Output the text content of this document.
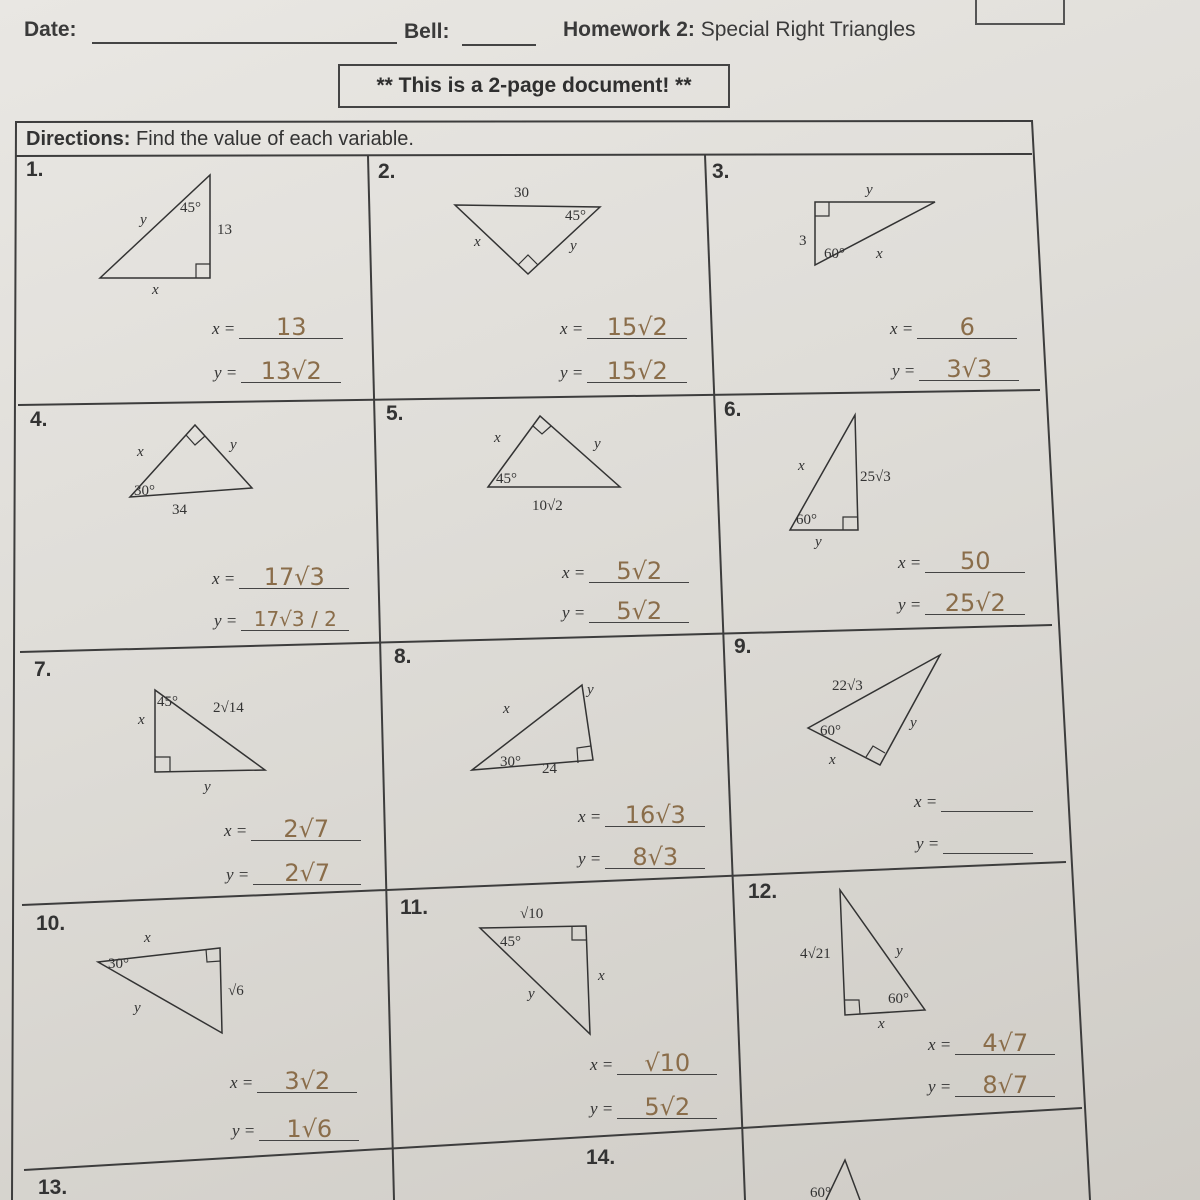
Date:	Bell:	Homework 2: Special Right Triangles
** This is a 2-page document! **
Directions: Find the value of each variable.
45°
y
13
x
30
45°
x	y
y
3
60° x
x	y
30°
34
x	y
45°
10√2
x
25√3
60°
y
45° 2√14
x
y
x
y
30° 24
22√3
60°	y
x
x
30°
√6
y
√10
45°
x
y
4√21	y
60°
x
60°
1.	2.	3.
4.	5.	6.
7.
8.	9.
10.
11.
12.
13.
14.
x = 13
y = 13√2
x = 15√2
y = 15√2
x = 6
y = 3√3
x = 17√3
y = 17√3 / 2
x = 5√2
y = 5√2
x = 50
y = 25√2
x = 2√7
y = 2√7
x = 16√3
y = 8√3
x =
y =
x = 3√2
y = 1√6
x = √10
y = 5√2
x = 4√7
y = 8√7
